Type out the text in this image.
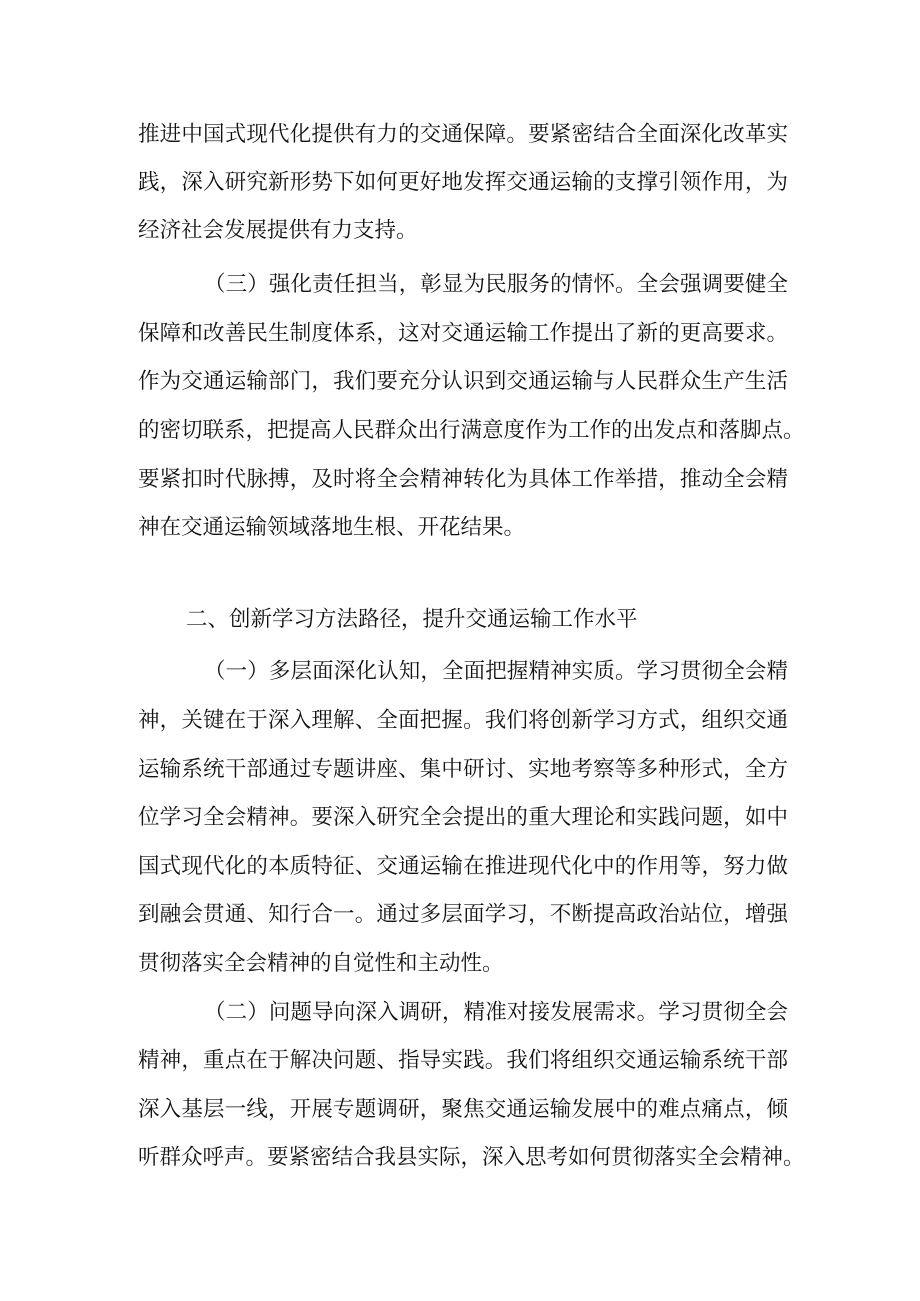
推进中国式现代化提供有力的交通保障。要紧密结合全面深化改革实
践，深入研究新形势下如何更好地发挥交通运输的支撑引领作用，为
经济社会发展提供有力支持。
（三）强化责任担当，彰显为民服务的情怀。全会强调要健全
保障和改善民生制度体系，这对交通运输工作提出了新的更高要求。
作为交通运输部门，我们要充分认识到交通运输与人民群众生产生活
的密切联系，把提高人民群众出行满意度作为工作的出发点和落脚点。
要紧扣时代脉搏，及时将全会精神转化为具体工作举措，推动全会精
神在交通运输领域落地生根、开花结果。
二、创新学习方法路径，提升交通运输工作水平
（一）多层面深化认知，全面把握精神实质。学习贯彻全会精
神，关键在于深入理解、全面把握。我们将创新学习方式，组织交通
运输系统干部通过专题讲座、集中研讨、实地考察等多种形式，全方
位学习全会精神。要深入研究全会提出的重大理论和实践问题，如中
国式现代化的本质特征、交通运输在推进现代化中的作用等，努力做
到融会贯通、知行合一。通过多层面学习，不断提高政治站位，增强
贯彻落实全会精神的自觉性和主动性。
（二）问题导向深入调研，精准对接发展需求。学习贯彻全会
精神，重点在于解决问题、指导实践。我们将组织交通运输系统干部
深入基层一线，开展专题调研，聚焦交通运输发展中的难点痛点，倾
听群众呼声。要紧密结合我县实际，深入思考如何贯彻落实全会精神。
